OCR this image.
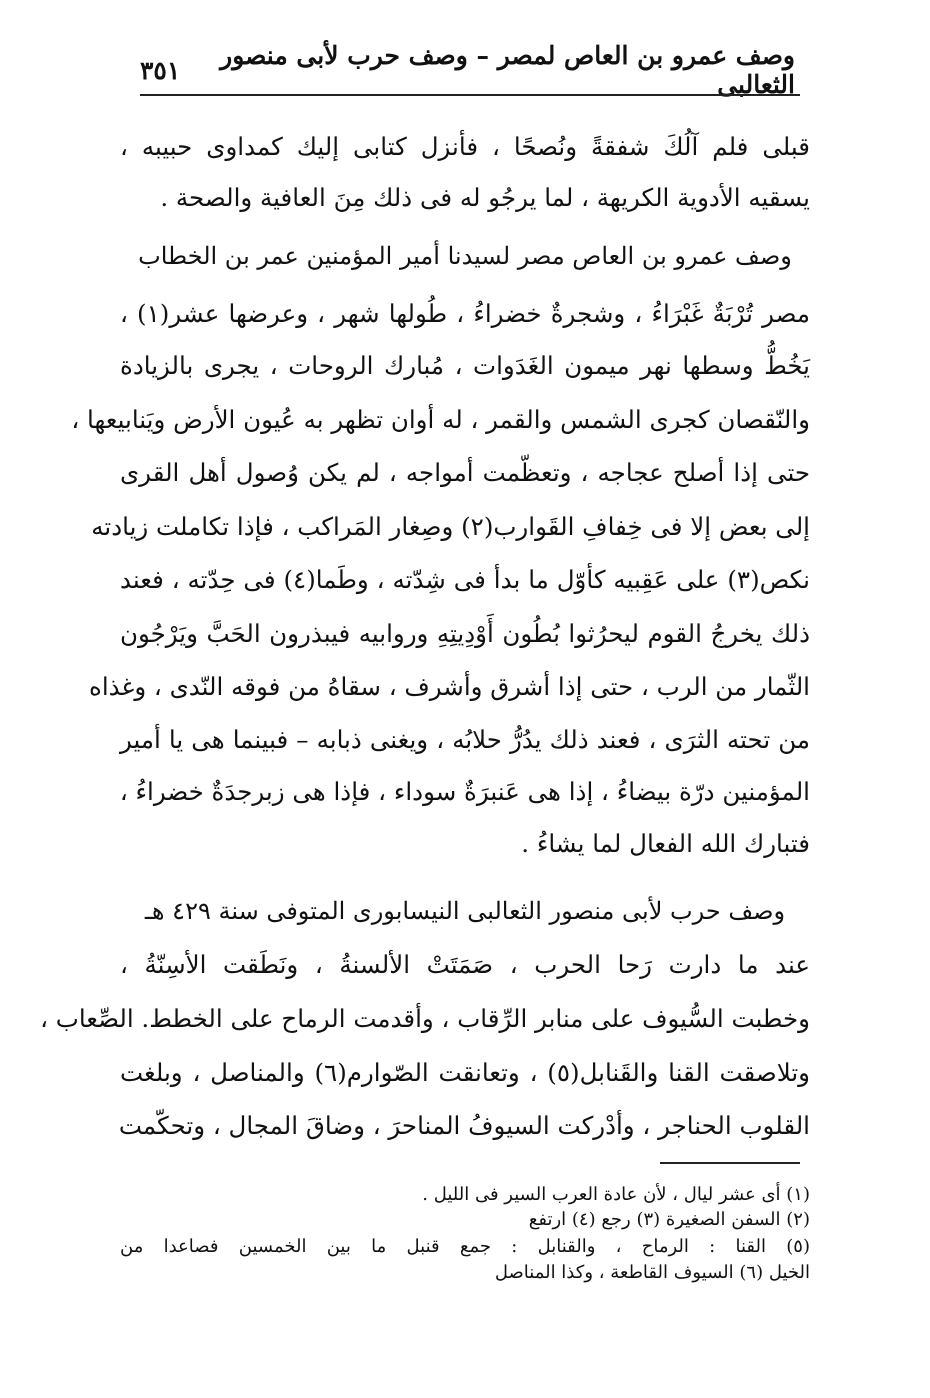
وصف عمرو بن العاص لمصر – وصف حرب لأبى منصور الثعالبى
٣٥١
قبلى فلم آلُكَ شفقةً ونُصحًا ، فأنزل كتابى إليك كمداوى حبيبه ،
يسقيه الأدوية الكريهة ، لما يرجُو له فى ذلك مِنَ العافية والصحة .
وصف عمرو بن العاص مصر لسيدنا أمير المؤمنين عمر بن الخطاب
مصر تُرْبَةٌ غَبْرَاءُ ، وشجرةٌ خضراءُ ، طُولها شهر ، وعرضها عشر(١) ،
يَخُطُّ وسطها نهر ميمون الغَدَوات ، مُبارك الروحات ، يجرى بالزيادة
والنّقصان كجرى الشمس والقمر ، له أوان تظهر به عُيون الأرض ويَنابيعها ،
حتى إذا أصلح عجاجه ، وتعظّمت أمواجه ، لم يكن وُصول أهل القرى
إلى بعض إلا فى خِفافِ القَوارب(٢) وصِغار المَراكب ، فإذا تكاملت زيادته
نكص(٣) على عَقِبيه كأوّل ما بدأ فى شِدّته ، وطَما(٤) فى حِدّته ، فعند
ذلك يخرجُ القوم ليحرُثوا بُطُون أَوْدِيتِهِ وروابيه فيبذرون الحَبَّ ويَرْجُون
الثّمار من الرب ، حتى إذا أشرق وأشرف ، سقاهُ من فوقه النّدى ، وغذاه
من تحته الثرَى ، فعند ذلك يدُرُّ حلابُه ، ويغنى ذبابه – فبينما هى يا أمير
المؤمنين درّة بيضاءُ ، إذا هى عَنبرَةٌ سوداء ، فإذا هى زبرجدَةٌ خضراءُ ،
فتبارك الله الفعال لما يشاءُ .
وصف حرب لأبى منصور الثعالبى النيسابورى المتوفى سنة ٤٢٩ هـ
عند ما دارت رَحا الحرب ، صَمَتَتْ الألسنةُ ، ونَطَقت الأسِنّةُ ،
وخطبت السُّيوف على منابر الرِّقاب ، وأقدمت الرماح على الخطط. الصِّعاب ،
وتلاصقت القنا والقَنابل(٥) ، وتعانقت الصّوارم(٦) والمناصل ، وبلغت
القلوب الحناجر ، وأدْركت السيوفُ المناحرَ ، وضاقَ المجال ، وتحكّمت
(١) أى عشر ليال ، لأن عادة العرب السير فى الليل .
(٢) السفن الصغيرة (٣) رجع (٤) ارتفع
(٥) القنا : الرماح ، والقنابل : جمع قنبل ما بين الخمسين فصاعدا من
الخيل (٦) السيوف القاطعة ، وكذا المناصل
